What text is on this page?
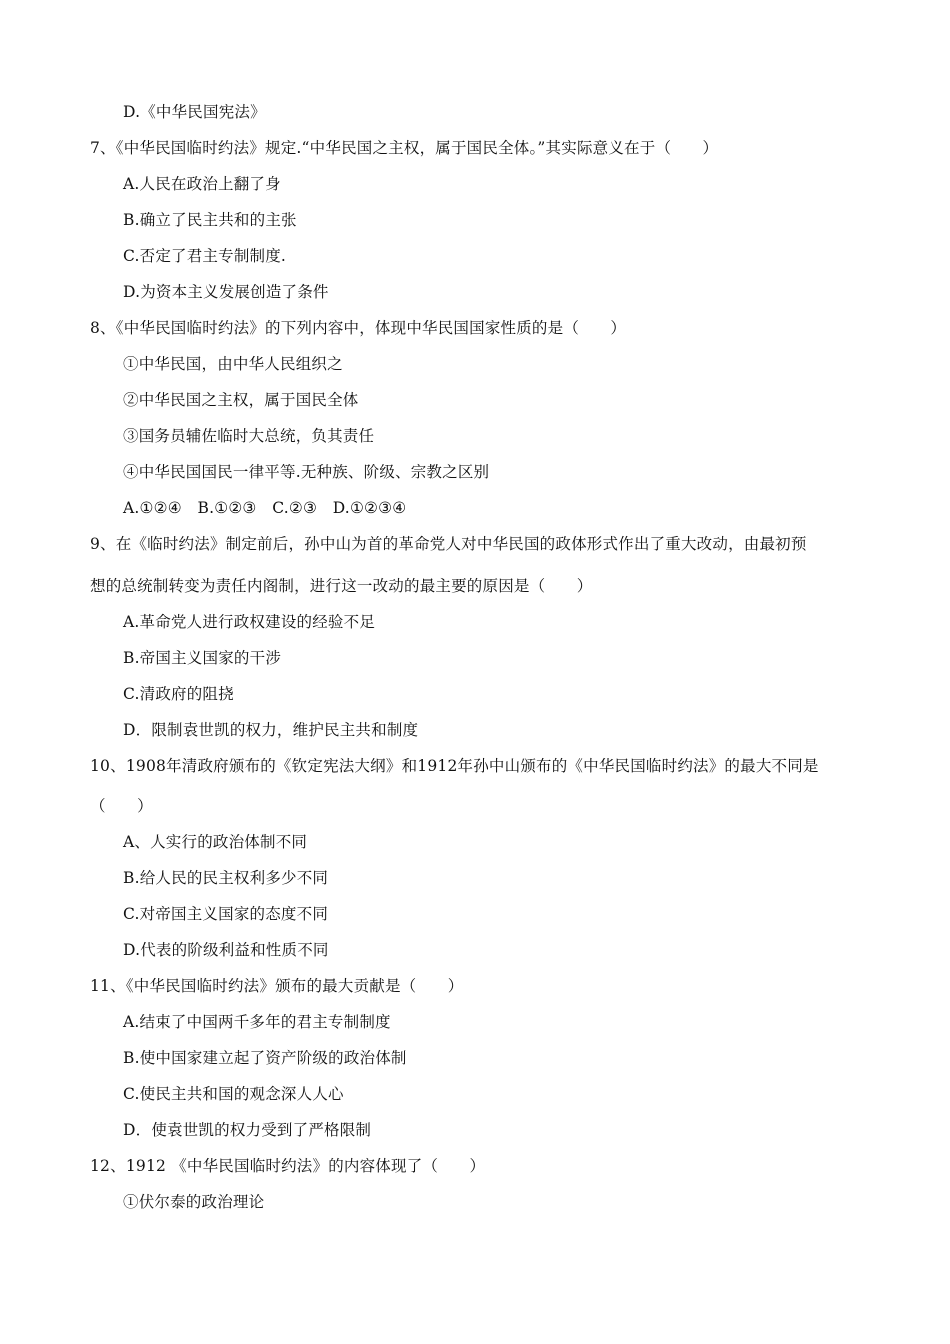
D.《中华民国宪法》
7、《中华民国临时约法》规定.“中华民国之主权，属于国民全体。”其实际意义在于（　　）
A.人民在政治上翻了身
B.确立了民主共和的主张
C.否定了君主专制制度.
D.为资本主义发展创造了条件
8、《中华民国临时约法》的下列内容中，体现中华民国国家性质的是（　　）
①中华民国，由中华人民组织之
②中华民国之主权，属于国民全体
③国务员辅佐临时大总统，负其责任
④中华民国国民一律平等.无种族、阶级、宗教之区别
A.①②④　B.①②③　C.②③　D.①②③④
9、在《临时约法》制定前后，孙中山为首的革命党人对中华民国的政体形式作出了重大改动，由最初预
想的总统制转变为责任内阁制，进行这一改动的最主要的原因是（　　）
A.革命党人进行政权建设的经验不足
B.帝国主义国家的干涉
C.清政府的阻挠
D．限制袁世凯的权力，维护民主共和制度
10、1908年清政府颁布的《钦定宪法大纲》和1912年孙中山颁布的《中华民国临时约法》的最大不同是
（　　）
A、人实行的政治体制不同
B.给人民的民主权利多少不同
C.对帝国主义国家的态度不同
D.代表的阶级利益和性质不同
11、《中华民国临时约法》颁布的最大贡献是（　　）
A.结束了中国两千多年的君主专制制度
B.使中国家建立起了资产阶级的政治体制
C.使民主共和国的观念深人人心
D．使袁世凯的权力受到了严格限制
12、1912 《中华民国临时约法》的内容体现了（　　）
①伏尔泰的政治理论
